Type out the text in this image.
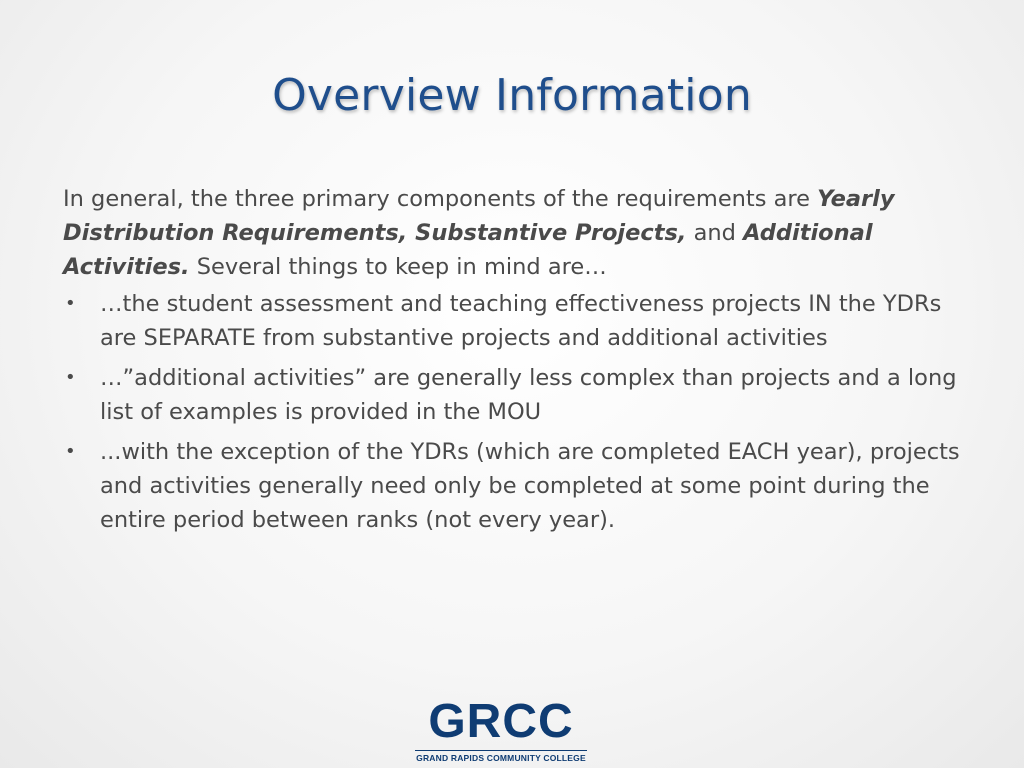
Overview Information

In general, the three primary components of the requirements are Yearly Distribution Requirements, Substantive Projects, and Additional Activities. Several things to keep in mind are…

• …the student assessment and teaching effectiveness projects IN the YDRs are SEPARATE from substantive projects and additional activities
• …”additional activities” are generally less complex than projects and a long list of examples is provided in the MOU
• ...with the exception of the YDRs (which are completed EACH year), projects and activities generally need only be completed at some point during the entire period between ranks (not every year).
GRCC
GRAND RAPIDS COMMUNITY COLLEGE
